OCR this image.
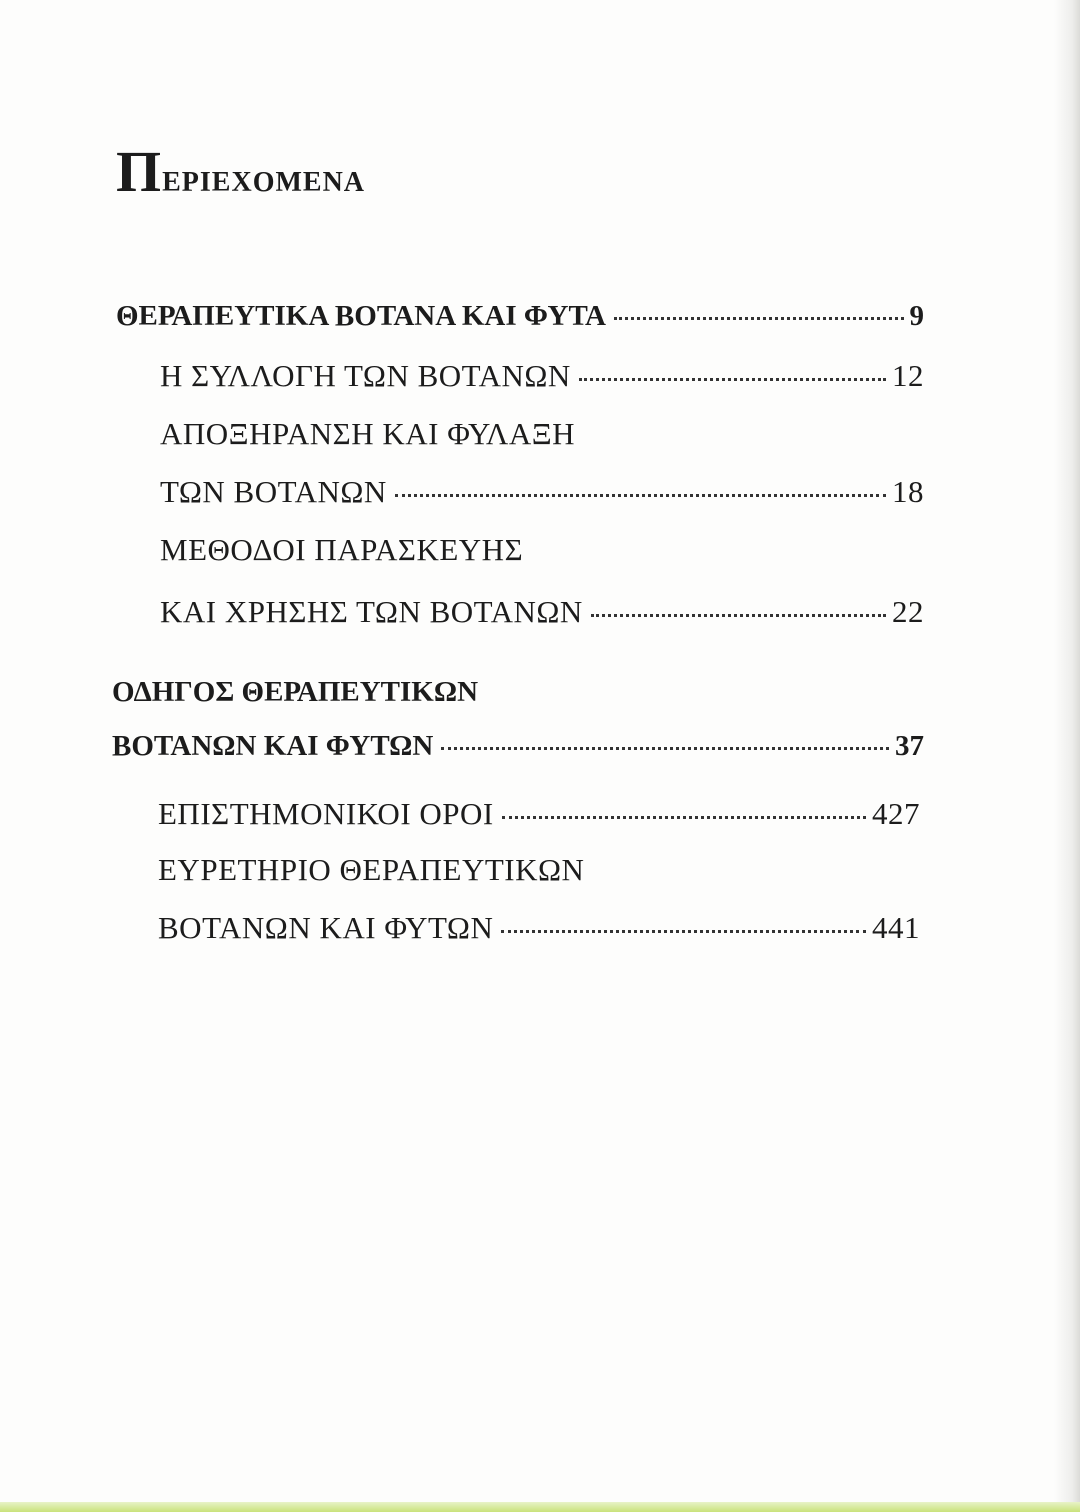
Περιεχομενα
ΘΕΡΑΠΕΥΤΙΚΑ ΒΟΤΑΝΑ ΚΑΙ ΦΥΤΑ	9
Η ΣΥΛΛΟΓΗ ΤΩΝ ΒΟΤΑΝΩΝ	12
ΑΠΟΞΗΡΑΝΣΗ ΚΑΙ ΦΥΛΑΞΗ
ΤΩΝ ΒΟΤΑΝΩΝ	18
ΜΕΘΟΔΟΙ ΠΑΡΑΣΚΕΥΗΣ
ΚΑΙ ΧΡΗΣΗΣ ΤΩΝ ΒΟΤΑΝΩΝ	22
ΟΔΗΓΟΣ ΘΕΡΑΠΕΥΤΙΚΩΝ
ΒΟΤΑΝΩΝ ΚΑΙ ΦΥΤΩΝ	37
ΕΠΙΣΤΗΜΟΝΙΚΟΙ ΟΡΟΙ	427
ΕΥΡΕΤΗΡΙΟ ΘΕΡΑΠΕΥΤΙΚΩΝ
ΒΟΤΑΝΩΝ ΚΑΙ ΦΥΤΩΝ	441
